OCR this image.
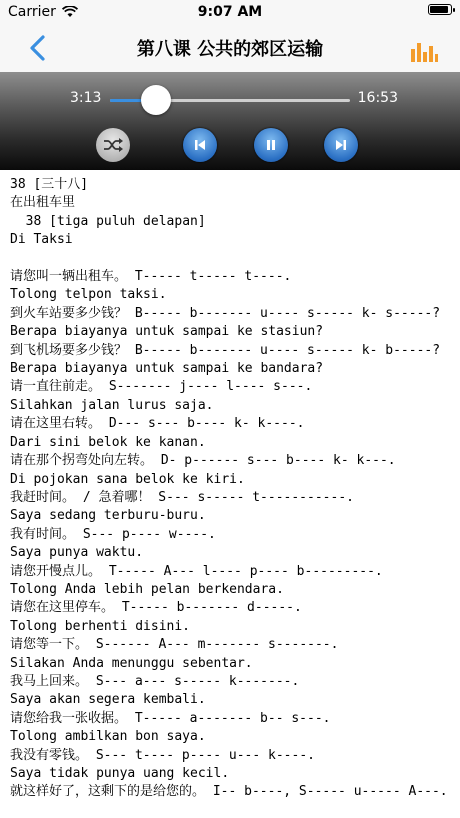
Carrier	9:07 AM
第八课 公共的郊区运输
3:13	16:53
38 [三十八]
在出租车里
38 [tiga puluh delapan]
Di Taksi

请您叫一辆出租车。 T----- t----- t----.
Tolong telpon taksi.
到火车站要多少钱？ B----- b------- u---- s----- k- s-----?
Berapa biayanya untuk sampai ke stasiun?
到飞机场要多少钱？ B----- b------- u---- s----- k- b-----?
Berapa biayanya untuk sampai ke bandara?
请一直往前走。 S------- j---- l---- s---.
Silahkan jalan lurus saja.
请在这里右转。 D--- s--- b---- k- k----.
Dari sini belok ke kanan.
请在那个拐弯处向左转。 D- p------ s--- b---- k- k---.
Di pojokan sana belok ke kiri.
我赶时间。 / 急着哪！ S--- s----- t-----------.
Saya sedang terburu-buru.
我有时间。 S--- p---- w----.
Saya punya waktu.
请您开慢点儿。 T----- A--- l---- p---- b---------.
Tolong Anda lebih pelan berkendara.
请您在这里停车。 T----- b------- d-----.
Tolong berhenti disini.
请您等一下。 S------ A--- m------- s-------.
Silakan Anda menunggu sebentar.
我马上回来。 S--- a--- s----- k-------.
Saya akan segera kembali.
请您给我一张收据。 T----- a------- b-- s---.
Tolong ambilkan bon saya.
我没有零钱。 S--- t---- p---- u--- k----.
Saya tidak punya uang kecil.
就这样好了，这剩下的是给您的。 I-- b----, S----- u----- A---.
